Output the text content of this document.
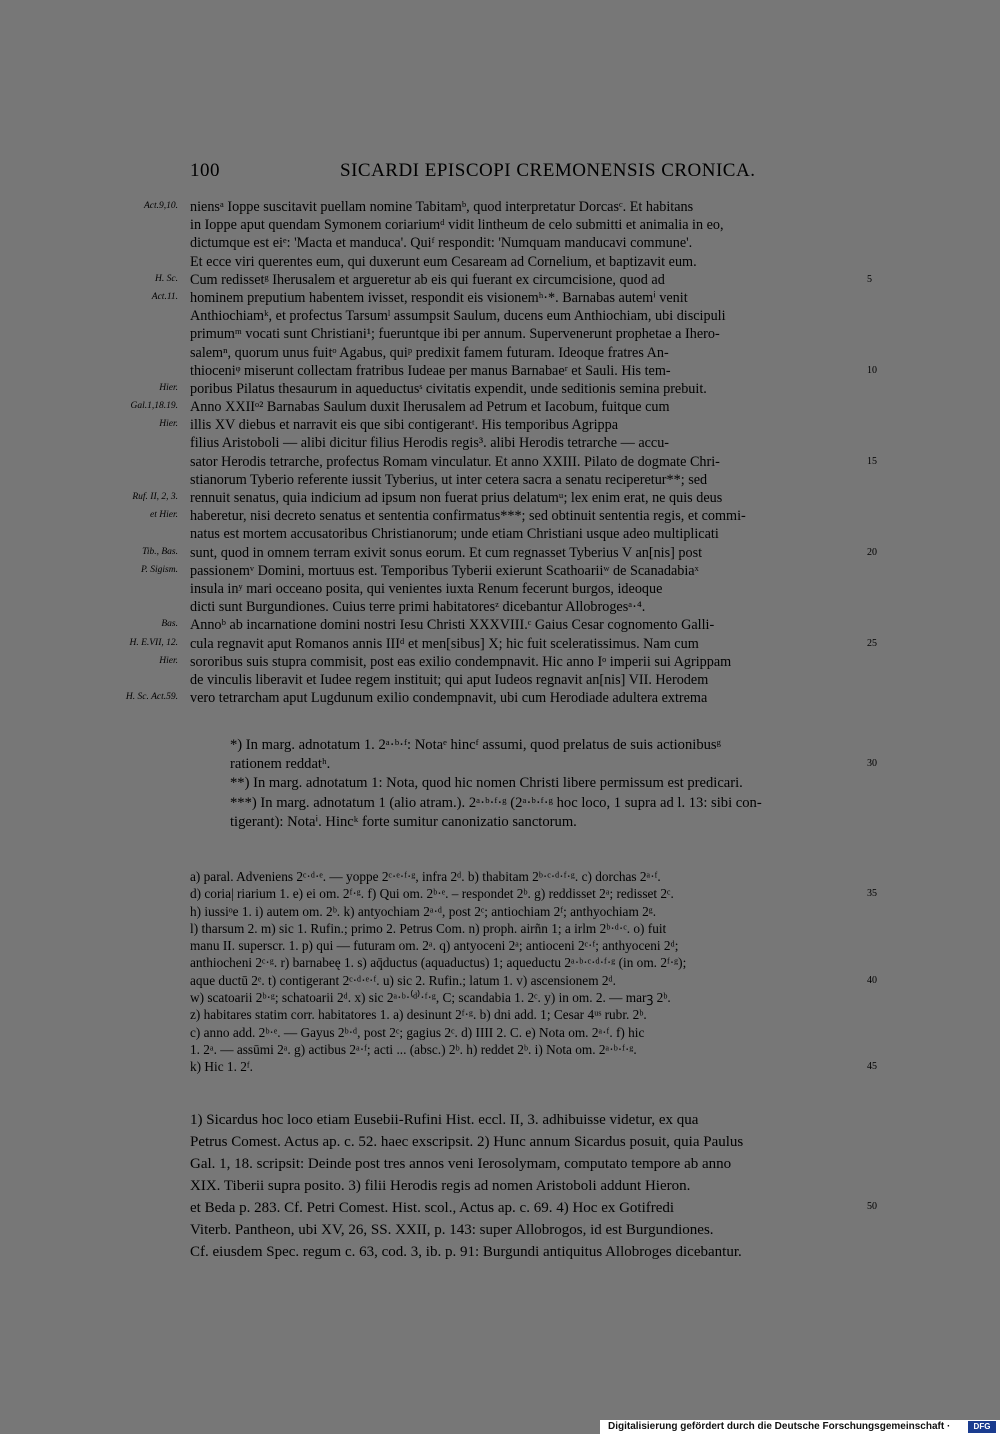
100	SICARDI EPISCOPI CREMONENSIS CRONICA.
Act.9,10. niensᵃ Ioppe suscitavit puellam nomine Tabitamᵇ, quod interpretatur Dorcasᶜ. Et habitans
in Ioppe aput quendam Symonem coriariumᵈ vidit lintheum de celo submitti et animalia in eo,
dictumque est eiᵉ: 'Macta et manduca'. Quiᶠ respondit: 'Numquam manducavi commune'.
Et ecce viri querentes eum, qui duxerunt eum Cesaream ad Cornelium, et baptizavit eum.
H. Sc. Cum redissetᵍ Iherusalem et argueretur ab eis qui fuerant ex circumcisione, quod ad	5
Act.11. hominem preputium habentem ivisset, respondit eis visionemʰ·*. Barnabas autemⁱ venit
Anthiochiamᵏ, et profectus Tarsumˡ assumpsit Saulum, ducens eum Anthiochiam, ubi discipuli
primumᵐ vocati sunt Christiani¹; fueruntque ibi per annum. Supervenerunt prophetae a Ihero-
salemⁿ, quorum unus fuitᵒ Agabus, quiᵖ predixit famem futuram. Ideoque fratres An-
thioceniᵠ miserunt collectam fratribus Iudeae per manus Barnabaeʳ et Sauli. His tem-	10
Hier. poribus Pilatus thesaurum in aqueductusˢ civitatis expendit, unde seditionis semina prebuit.
Gal.1,18.19. Anno XXIIᵒ² Barnabas Saulum duxit Iherusalem ad Petrum et Iacobum, fuitque cum
Hier. illis XV diebus et narravit eis que sibi contigerantᵗ. His temporibus Agrippa
filius Aristoboli — alibi dicitur filius Herodis regis³. alibi Herodis tetrarche — accu-
sator Herodis tetrarche, profectus Romam vinculatur. Et anno XXIII. Pilato de dogmate Chri-	15
stianorum Tyberio referente iussit Tyberius, ut inter cetera sacra a senatu reciperetur**; sed
Ruf. II, 2, 3. rennuit senatus, quia indicium ad ipsum non fuerat prius delatumᵘ; lex enim erat, ne quis deus
et Hier. haberetur, nisi decreto senatus et sententia confirmatus***; sed obtinuit sententia regis, et commi-
natus est mortem accusatoribus Christianorum; unde etiam Christiani usque adeo multiplicati
Tib., Bas. sunt, quod in omnem terram exivit sonus eorum. Et cum regnasset Tyberius V an[nis] post	20
P. Sigism. passionemᵛ Domini, mortuus est. Temporibus Tyberii exierunt Scathoariiʷ de Scanadabiaˣ
insula inʸ mari occeano posita, qui venientes iuxta Renum fecerunt burgos, ideoque
dicti sunt Burgundiones. Cuius terre primi habitatoresᶻ dicebantur Allobrogesᵃ·⁴.
Bas. Annoᵇ ab incarnatione domini nostri Iesu Christi XXXVIII.ᶜ Gaius Cesar cognomento Galli-
H. E.VII, 12. cula regnavit aput Romanos annis IIIᵈ et men[sibus] X; hic fuit sceleratissimus. Nam cum	25
Hier. sororibus suis stupra commisit, post eas exilio condempnavit. Hic anno Iᵒ imperii sui Agrippam
de vinculis liberavit et Iudee regem instituit; qui aput Iudeos regnavit an[nis] VII. Herodem
H. Sc. Act.59. vero tetrarcham aput Lugdunum exilio condempnavit, ubi cum Herodiade adultera extrema
*) In marg. adnotatum 1. 2ᵃ·ᵇ·ᶠ: Notaᵉ hincᶠ assumi, quod prelatus de suis actionibusᵍ
rationem reddatʰ.	30
**) In marg. adnotatum 1: Nota, quod hic nomen Christi libere permissum est predicari.
***) In marg. adnotatum 1 (alio atram.). 2ᵃ·ᵇ·ᶠ·ᵍ (2ᵃ·ᵇ·ᶠ·ᵍ hoc loco, 1 supra ad l. 13: sibi con-
tigerant): Notaⁱ. Hincᵏ forte sumitur canonizatio sanctorum.
a) paral. Adveniens 2ᶜ·ᵈ·ᵉ. — yoppe 2ᶜ·ᵉ·ᶠ·ᵍ, infra 2ᵈ. b) thabitam 2ᵇ·ᶜ·ᵈ·ᶠ·ᵍ. c) dorchas 2ᵃ·ᶠ.
d) coria| riarium 1. e) ei om. 2ᶠ·ᵍ. f) Qui om. 2ᵇ·ᵉ. – respondet 2ᵇ. g) reddisset 2ᵃ; redisset 2ᶜ.	35
h) iussiᵒe 1. i) autem om. 2ᵇ. k) antyochiam 2ᵃ·ᵈ, post 2ᶜ; antiochiam 2ᶠ; anthyochiam 2ᵍ.
l) tharsum 2. m) sic 1. Rufin.; primo 2. Petrus Com. n) proph. airñn 1; a irlm 2ᵇ·ᵈ·ᶜ. o) fuit
manu II. superscr. 1. p) qui — futuram om. 2ᵃ. q) antyoceni 2ᵃ; antioceni 2ᶜ·ᶠ; anthyoceni 2ᵈ;
anthiocheni 2ᶜ·ᵍ. r) barnabeę 1. s) aq̄ductus (aquaductus) 1; aqueductu 2ᵃ·ᵇ·ᶜ·ᵈ·ᶠ·ᵍ (in om. 2ᶠ·ᵍ);
aque ductū 2ᵉ. t) contigerant 2ᶜ·ᵈ·ᵉ·ᶠ. u) sic 2. Rufin.; latum 1. v) ascensionem 2ᵈ.	40
w) scatoarii 2ᵇ·ᵍ; schatoarii 2ᵈ. x) sic 2ᵃ·ᵇ·⁽ᵈ⁾·ᶠ·ᵍ, C; scandabia 1. 2ᶜ. y) in om. 2. — marꝫ 2ᵇ.
z) habitares statim corr. habitatores 1. a) desinunt 2ᶠ·ᵍ. b) dni add. 1; Cesar 4ᵘˢ rubr. 2ᵇ.
c) anno add. 2ᵇ·ᵉ. — Gayus 2ᵇ·ᵈ, post 2ᶜ; gagius 2ᶜ. d) IIII 2. C. e) Nota om. 2ᵃ·ᶠ. f) hic
1. 2ᵃ. — assūmi 2ᵃ. g) actibus 2ᵃ·ᶠ; acti ... (absc.) 2ᵇ. h) reddet 2ᵇ. i) Nota om. 2ᵃ·ᵇ·ᶠ·ᵍ.
k) Hic 1. 2ᶠ.	45
1) Sicardus hoc loco etiam Eusebii-Rufini Hist. eccl. II, 3. adhibuisse videtur, ex qua
Petrus Comest. Actus ap. c. 52. haec exscripsit. 2) Hunc annum Sicardus posuit, quia Paulus
Gal. 1, 18. scripsit: Deinde post tres annos veni Ierosolymam, computato tempore ab anno
XIX. Tiberii supra posito. 3) filii Herodis regis ad nomen Aristoboli addunt Hieron.
et Beda p. 283. Cf. Petri Comest. Hist. scol., Actus ap. c. 69. 4) Hoc ex Gotifredi	50
Viterb. Pantheon, ubi XV, 26, SS. XXII, p. 143: super Allobrogos, id est Burgundiones.
Cf. eiusdem Spec. regum c. 63, cod. 3, ib. p. 91: Burgundi antiquitus Allobroges dicebantur.
Digitalisierung gefördert durch die Deutsche Forschungsgemeinschaft ·	DFG
